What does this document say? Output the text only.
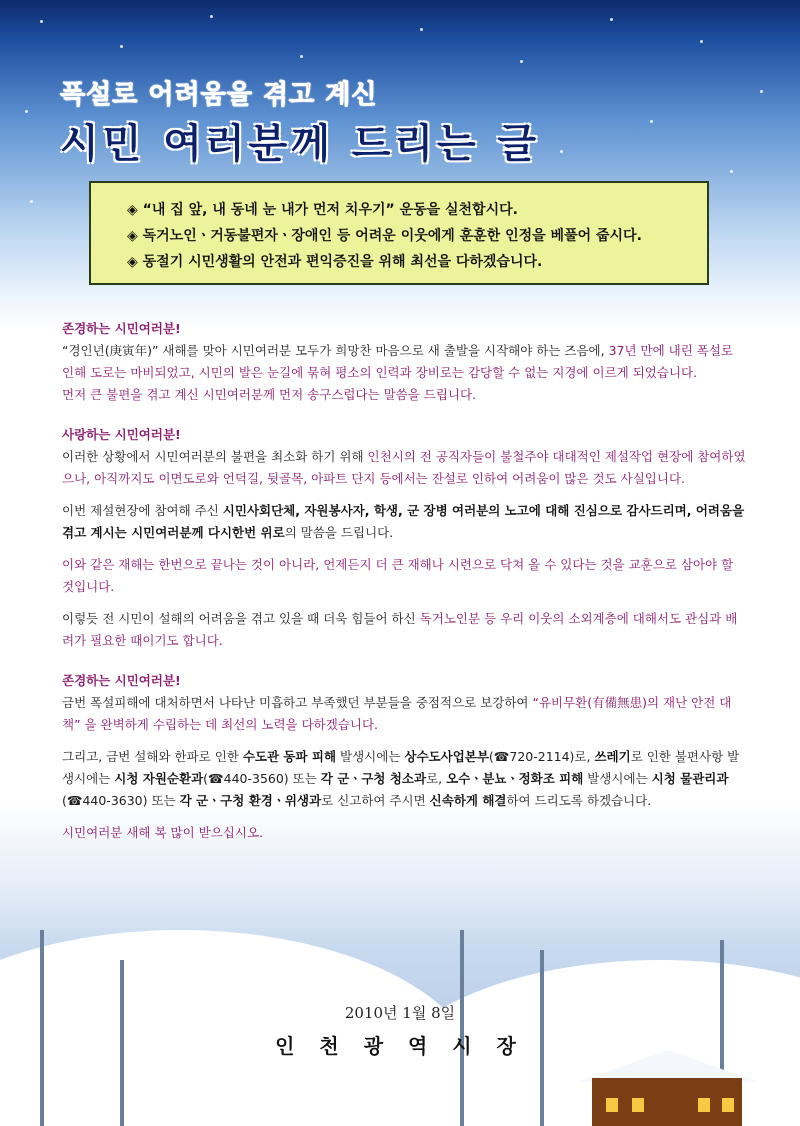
폭설로 어려움을 겪고 계신
시민 여러분께 드리는 글
◈ “내 집 앞, 내 동네 눈 내가 먼저 치우기” 운동을 실천합시다.
◈ 독거노인ㆍ거동불편자ㆍ장애인 등 어려운 이웃에게 훈훈한 인정을 베풀어 줍시다.
◈ 동절기 시민생활의 안전과 편익증진을 위해 최선을 다하겠습니다.
존경하는 시민여러분!

“경인년(庚寅年)” 새해를 맞아 시민여러분 모두가 희망찬 마음으로 새 출발을 시작해야 하는 즈음에, 37년 만에 내린 폭설로 인해 도로는 마비되었고, 시민의 발은 눈길에 묶혀 평소의 인력과 장비로는 감당할 수 없는 지경에 이르게 되었습니다.

먼저 큰 불편을 겪고 계신 시민여러분께 먼저 송구스럽다는 말씀을 드립니다.

사랑하는 시민여러분!

이러한 상황에서 시민여러분의 불편을 최소화 하기 위해 인천시의 전 공직자들이 불철주야 대대적인 제설작업 현장에 참여하였으나, 아직까지도 이면도로와 언덕길, 뒷골목, 아파트 단지 등에서는 잔설로 인하여 어려움이 많은 것도 사실입니다.

이번 제설현장에 참여해 주신 시민사회단체, 자원봉사자, 학생, 군 장병 여러분의 노고에 대해 진심으로 감사드리며, 어려움을 겪고 계시는 시민여러분께 다시한번 위로의 말씀을 드립니다.

이와 같은 재해는 한번으로 끝나는 것이 아니라, 언제든지 더 큰 재해나 시련으로 닥쳐 올 수 있다는 것을 교훈으로 삼아야 할 것입니다.

이렇듯 전 시민이 설해의 어려움을 겪고 있을 때 더욱 힘들어 하신 독거노인분 등 우리 이웃의 소외계층에 대해서도 관심과 배려가 필요한 때이기도 합니다.

존경하는 시민여러분!

금번 폭설피해에 대처하면서 나타난 미흡하고 부족했던 부분들을 중점적으로 보강하여 “유비무환(有備無患)의 재난 안전 대책” 을 완벽하게 수립하는 데 최선의 노력을 다하겠습니다.

그리고, 금번 설해와 한파로 인한 수도관 동파 피해 발생시에는 상수도사업본부(☎720-2114)로, 쓰레기로 인한 불편사항 발생시에는 시청 자원순환과(☎440-3560) 또는 각 군ㆍ구청 청소과로, 오수ㆍ분뇨ㆍ정화조 피해 발생시에는 시청 물관리과(☎440-3630) 또는 각 군ㆍ구청 환경ㆍ위생과로 신고하여 주시면 신속하게 해결하여 드리도록 하겠습니다.

시민여러분 새해 복 많이 받으십시오.

2010년 1월 8일
인 천 광 역 시 장
